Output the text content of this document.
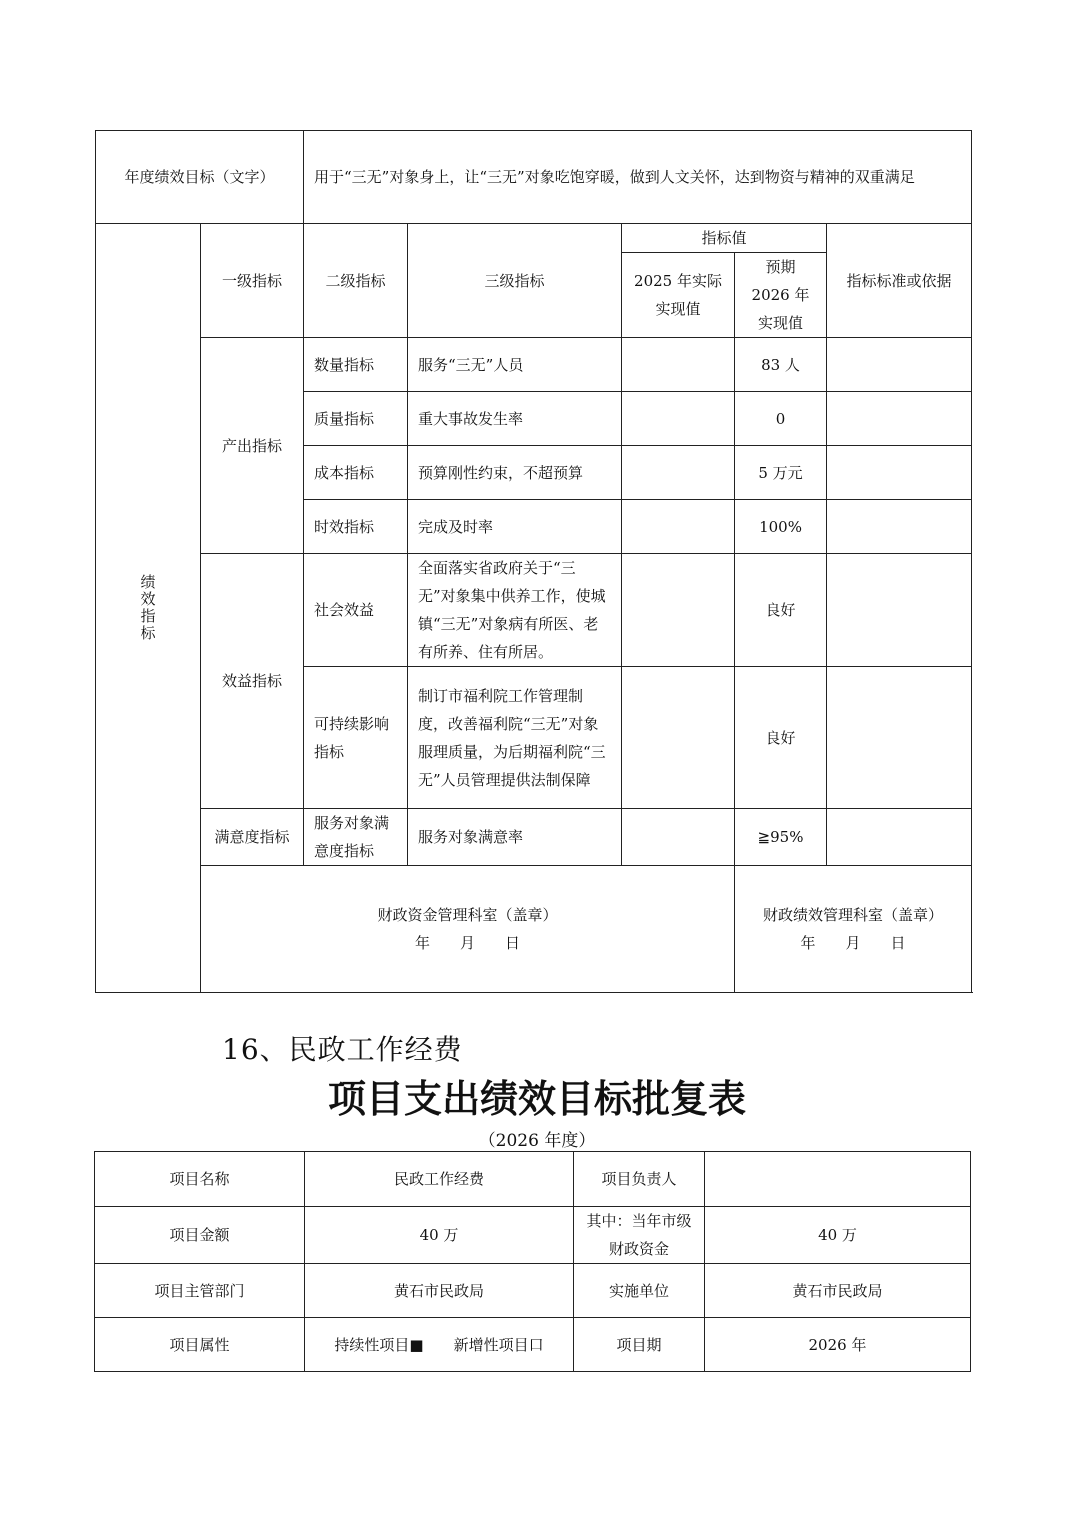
年度绩效目标（文字）		用于“三无”对象身上，让“三无”对象吃饱穿暖，做到人文关怀，达到物资与精神的双重满足				
绩
效
指
标	一级指标	二级指标	三级指标	指标值		指标标准或依据
				2025 年实际实现值	预期 2026 年实现值	
	产出指标	数量指标	服务“三无”人员		83 人	
		质量指标	重大事故发生率		0	
		成本指标	预算刚性约束，不超预算		5 万元	
		时效指标	完成及时率		100%	
	效益指标	社会效益	全面落实省政府关于“三无”对象集中供养工作，使城镇“三无”对象病有所医、老有所养、住有所居。		良好	
		可持续影响指标	制订市福利院工作管理制度，改善福利院“三无”对象服理质量，为后期福利院“三无”人员管理提供法制保障		良好	
	满意度指标	服务对象满意度指标	服务对象满意率		≧95%	

	财政资金管理科室（盖章）
年　　月　　日				财政绩效管理科室（盖章）
年　　月　　日	
16、民政工作经费
项目支出绩效目标批复表
（2026 年度）
项目名称	民政工作经费	项目负责人	
项目金额	40 万	其中：当年市级财政资金	40 万
项目主管部门	黄石市民政局	实施单位	黄石市民政局
项目属性	持续性项目■　　新增性项目口	项目期	2026 年
